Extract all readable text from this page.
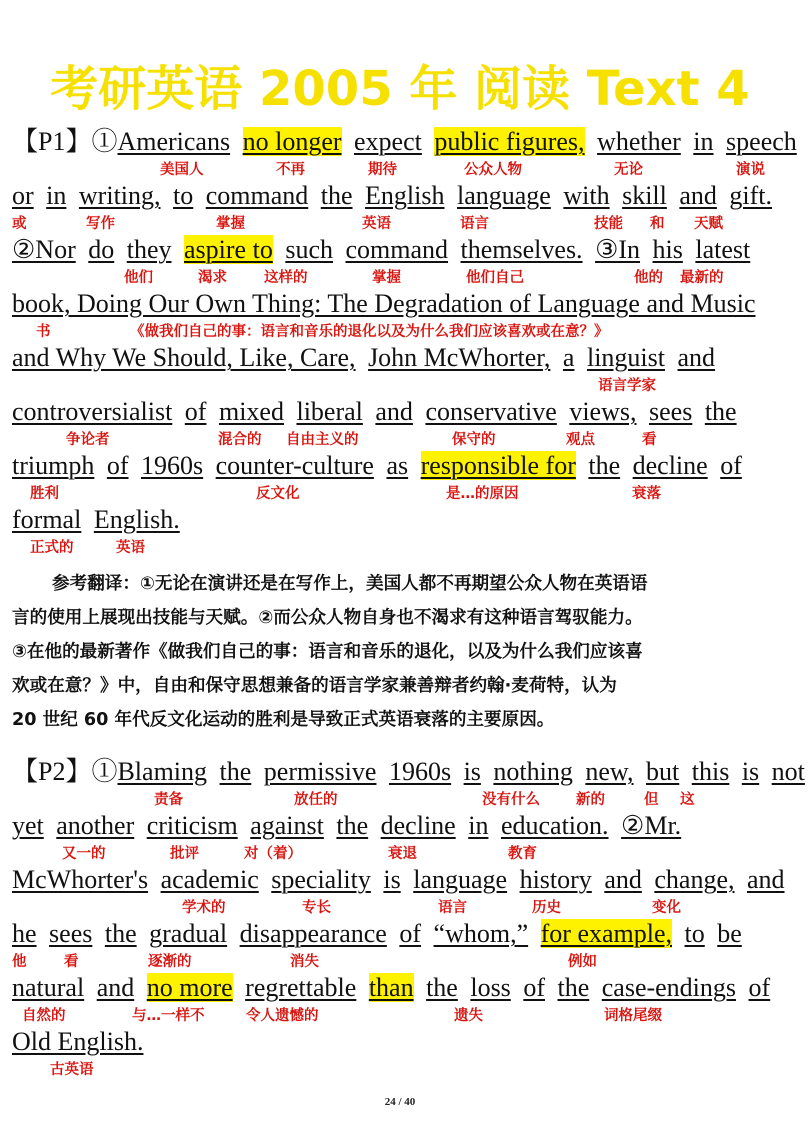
考研英语 2005 年 阅读 Text 4
【P1】①Americans no longer expect public figures, whether in speech
美国人	不再	期待	公众人物	无论	演说
or in writing, to command the English language with skill and gift.
或	写作	掌握	英语	语言	技能 和 天赋
②Nor do they aspire to such command themselves. ③In his latest
他们	渴求	这样的	掌握	他们自己	他的 最新的
book, Doing Our Own Thing: The Degradation of Language and Music
书	《做我们自己的事：语言和音乐的退化以及为什么我们应该喜欢或在意？》
and Why We Should, Like, Care, John McWhorter, a linguist and
语言学家
controversialist of mixed liberal and conservative views, sees the
争论者	混合的 自由主义的	保守的	观点	看
triumph of 1960s counter-culture as responsible for the decline of
胜利	反文化	是…的原因	衰落
formal English.
正式的	英语
参考翻译：①无论在演讲还是在写作上，美国人都不再期望公众人物在英语语
言的使用上展现出技能与天赋。②而公众人物自身也不渴求有这种语言驾驭能力。
③在他的最新著作《做我们自己的事：语言和音乐的退化，以及为什么我们应该喜
欢或在意？》中，自由和保守思想兼备的语言学家兼善辩者约翰·麦荷特，认为
20 世纪 60 年代反文化运动的胜利是导致正式英语衰落的主要原因。
【P2】①Blaming the permissive 1960s is nothing new, but this is not
责备	放任的	没有什么 新的	但 这
yet another criticism against the decline in education. ②Mr.
又一的	批评	对（着）	衰退	教育
McWhorter's academic speciality is language history and change, and
学术的	专长	语言	历史	变化
he sees the gradual disappearance of “whom,” for example, to be
他	看	逐渐的	消失	例如
natural and no more regrettable than the loss of the case-endings of
自然的	与…一样不	令人遗憾的	遗失	词格尾缀
Old English.
古英语
24 / 40
